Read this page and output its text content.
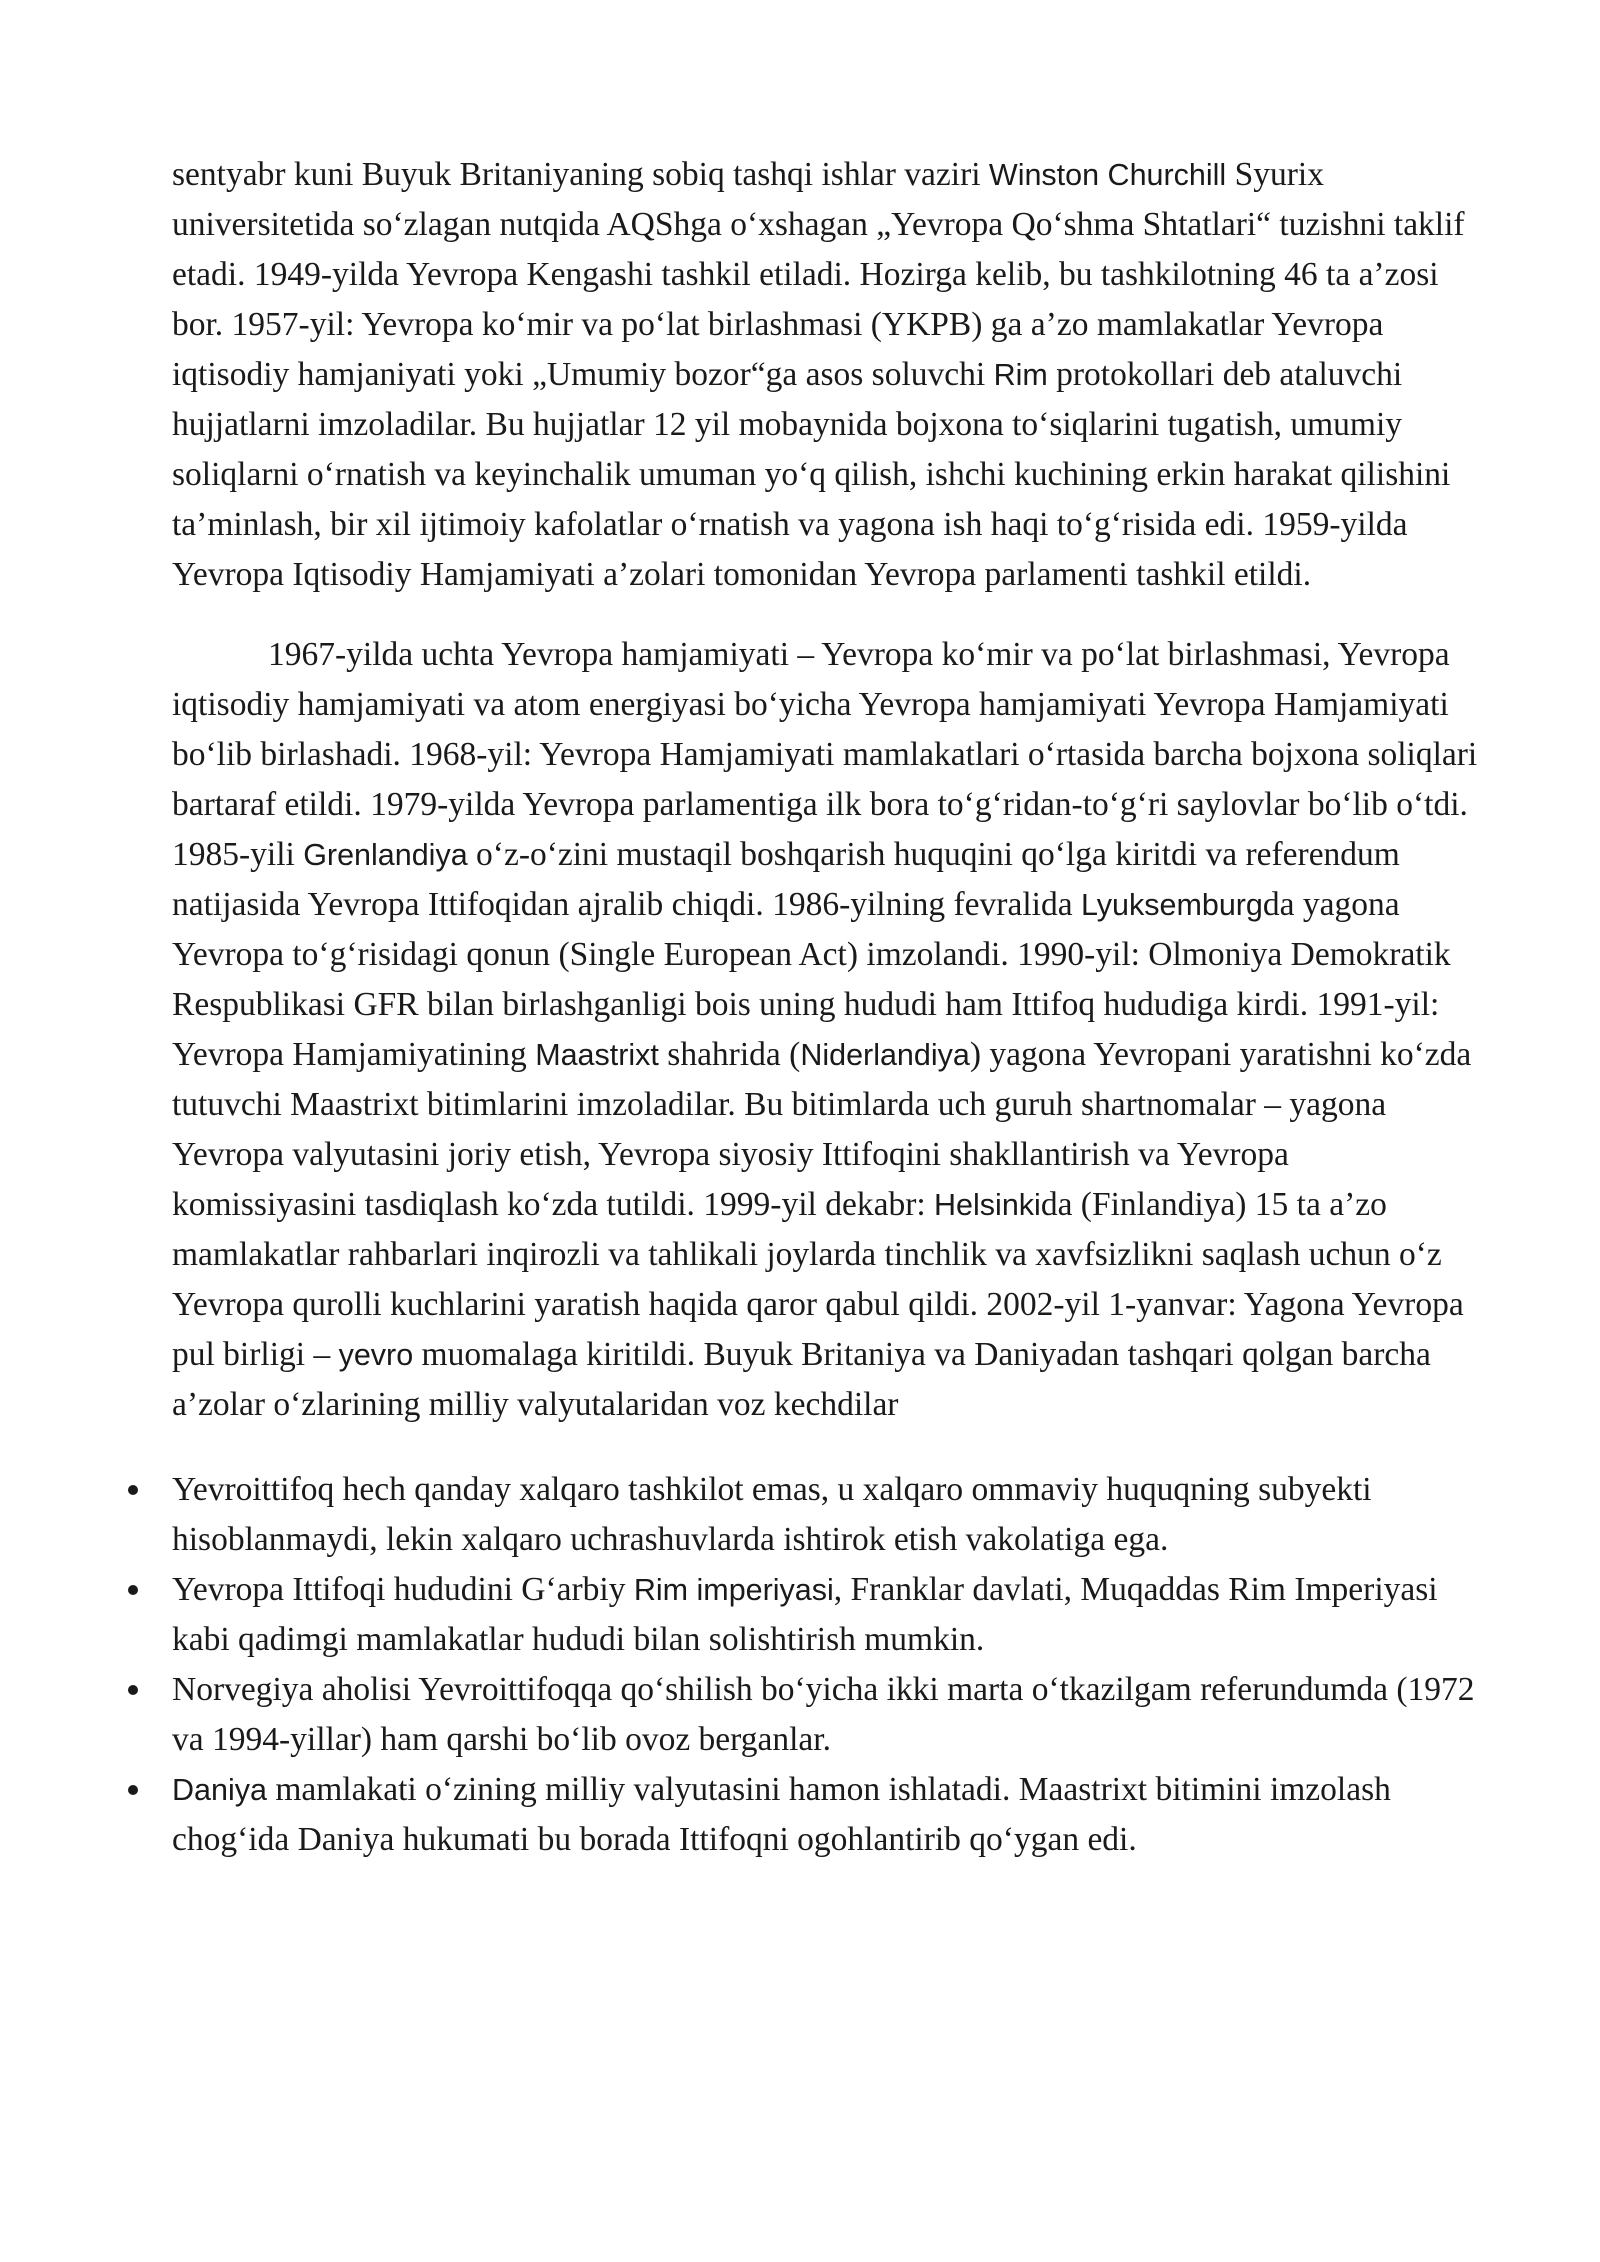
sentyabr kuni Buyuk Britaniyaning sobiq tashqi ishlar vaziri Winston Churchill Syurix universitetida so‘zlagan nutqida AQShga o‘xshagan „Yevropa Qo‘shma Shtatlari“ tuzishni taklif etadi. 1949-yilda Yevropa Kengashi tashkil etiladi. Hozirga kelib, bu tashkilotning 46 ta a’zosi bor. 1957-yil: Yevropa ko‘mir va po‘lat birlashmasi (YKPB) ga a’zo mamlakatlar Yevropa iqtisodiy hamjaniyati yoki „Umumiy bozor“ga asos soluvchi Rim protokollari deb ataluvchi hujjatlarni imzoladilar. Bu hujjatlar 12 yil mobaynida bojxona to‘siqlarini tugatish, umumiy soliqlarni o‘rnatish va keyinchalik umuman yo‘q qilish, ishchi kuchining erkin harakat qilishini ta’minlash, bir xil ijtimoiy kafolatlar o‘rnatish va yagona ish haqi to‘g‘risida edi. 1959-yilda Yevropa Iqtisodiy Hamjamiyati a’zolari tomonidan Yevropa parlamenti tashkil etildi.

1967-yilda uchta Yevropa hamjamiyati – Yevropa ko‘mir va po‘lat birlashmasi, Yevropa iqtisodiy hamjamiyati va atom energiyasi bo‘yicha Yevropa hamjamiyati Yevropa Hamjamiyati bo‘lib birlashadi. 1968-yil: Yevropa Hamjamiyati mamlakatlari o‘rtasida barcha bojxona soliqlari bartaraf etildi. 1979-yilda Yevropa parlamentiga ilk bora to‘g‘ridan-to‘g‘ri saylovlar bo‘lib o‘tdi. 1985-yili Grenlandiya o‘z-o‘zini mustaqil boshqarish huquqini qo‘lga kiritdi va referendum natijasida Yevropa Ittifoqidan ajralib chiqdi. 1986-yilning fevralida Lyuksemburgda yagona Yevropa to‘g‘risidagi qonun (Single European Act) imzolandi. 1990-yil: Olmoniya Demokratik Respublikasi GFR bilan birlashganligi bois uning hududi ham Ittifoq hududiga kirdi. 1991-yil: Yevropa Hamjamiyatining Maastrixt shahrida (Niderlandiya) yagona Yevropani yaratishni ko‘zda tutuvchi Maastrixt bitimlarini imzoladilar. Bu bitimlarda uch guruh shartnomalar – yagona Yevropa valyutasini joriy etish, Yevropa siyosiy Ittifoqini shakllantirish va Yevropa komissiyasini tasdiqlash ko‘zda tutildi. 1999-yil dekabr: Helsinkida (Finlandiya) 15 ta a’zo mamlakatlar rahbarlari inqirozli va tahlikali joylarda tinchlik va xavfsizlikni saqlash uchun o‘z Yevropa qurolli kuchlarini yaratish haqida qaror qabul qildi. 2002-yil 1-yanvar: Yagona Yevropa pul birligi – yevro muomalaga kiritildi. Buyuk Britaniya va Daniyadan tashqari qolgan barcha a’zolar o‘zlarining milliy valyutalaridan voz kechdilar

Yevroittifoq hech qanday xalqaro tashkilot emas, u xalqaro ommaviy huquqning subyekti hisoblanmaydi, lekin xalqaro uchrashuvlarda ishtirok etish vakolatiga ega.
Yevropa Ittifoqi hududini G‘arbiy Rim imperiyasi, Franklar davlati, Muqaddas Rim Imperiyasi kabi qadimgi mamlakatlar hududi bilan solishtirish mumkin.
Norvegiya aholisi Yevroittifoqqa qo‘shilish bo‘yicha ikki marta o‘tkazilgam referundumda (1972 va 1994-yillar) ham qarshi bo‘lib ovoz berganlar.
Daniya mamlakati o‘zining milliy valyutasini hamon ishlatadi. Maastrixt bitimini imzolash chog‘ida Daniya hukumati bu borada Ittifoqni ogohlantirib qo‘ygan edi.
